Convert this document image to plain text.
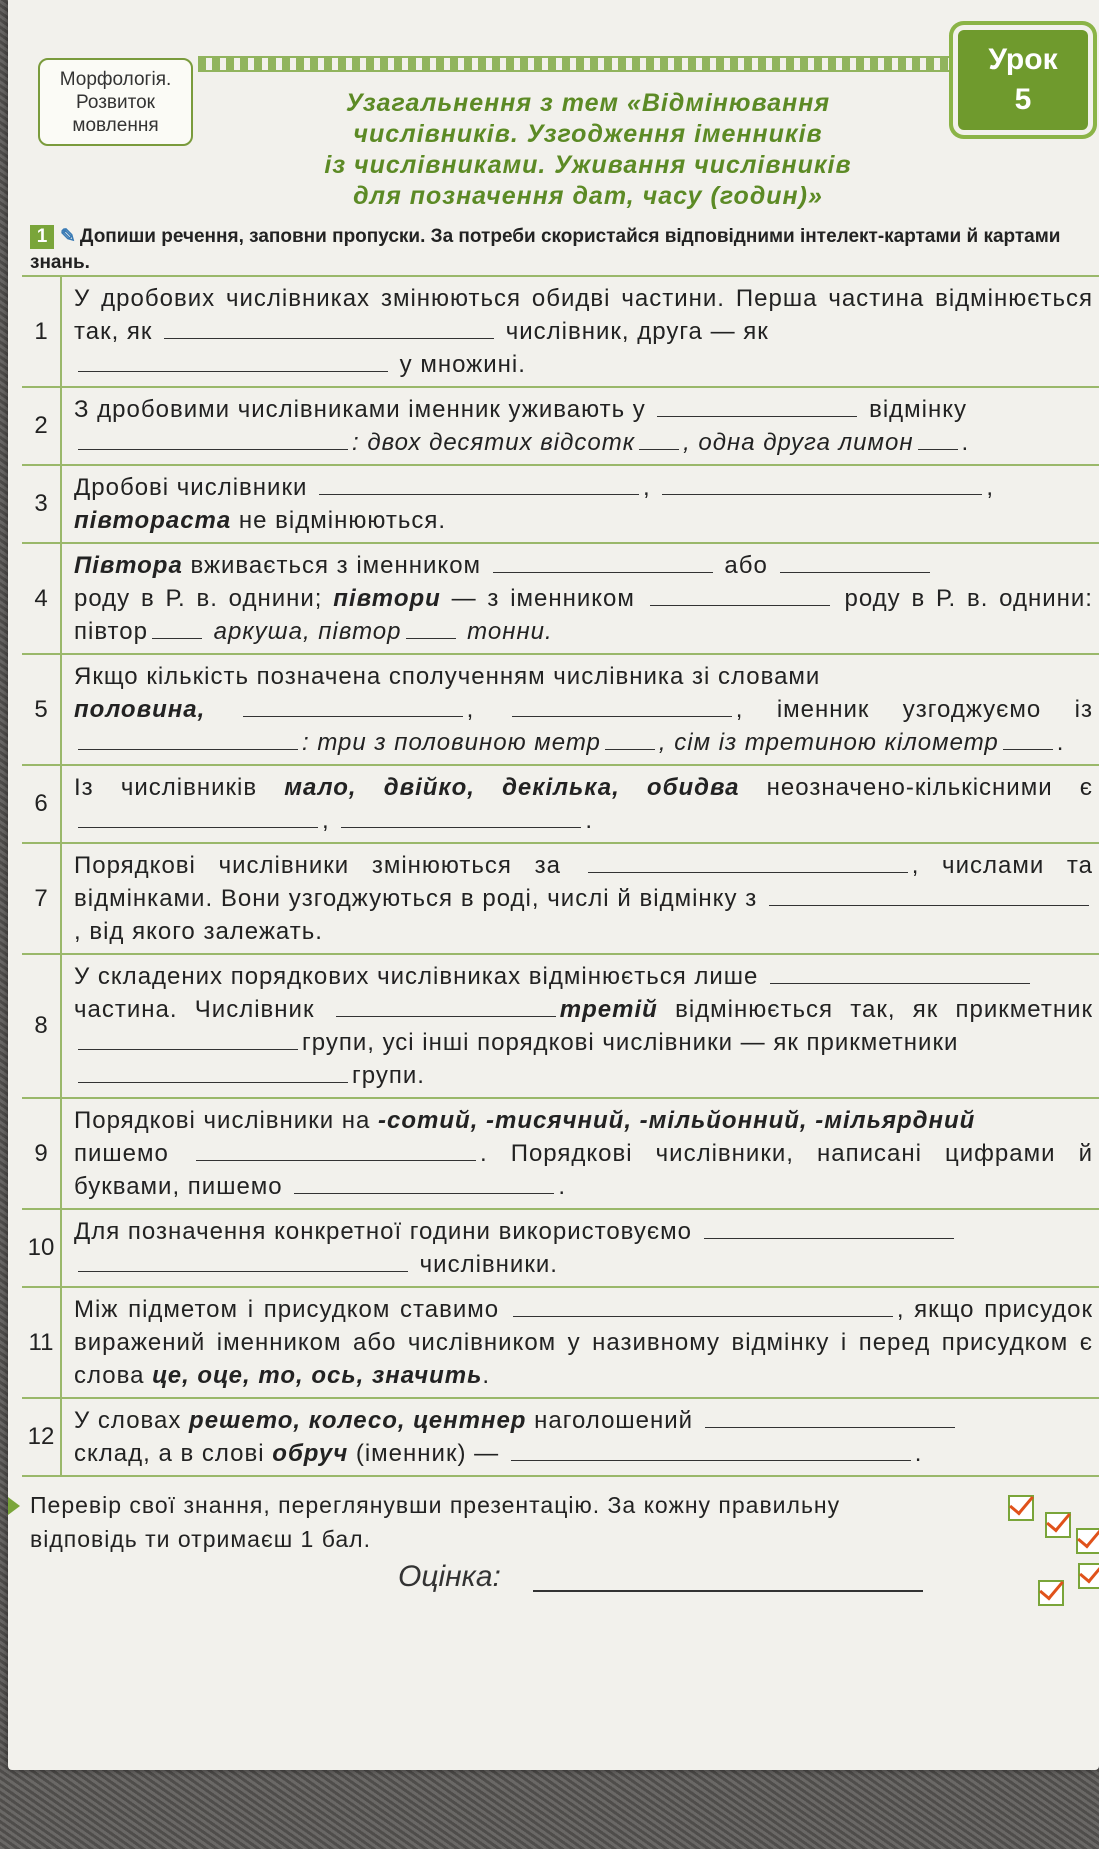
Морфологія.
Розвиток
мовлення
Урок
5
Узагальнення з тем «Відмінювання
числівників. Узгодження іменників
із числівниками. Уживання числівників
для позначення дат, часу (годин)»
1 ✎ Допиши речення, заповни пропуски. За потреби скористайся відповідними інтелект-картами й картами знань.
1
У дробових числівниках змінюються обидві частини. Перша частина відмінюється так, як	числівник, друга — як
у множині.
2
З дробовими числівниками іменник уживають у	відмінку
: двох десятих відсотк , одна друга лимон .
3
Дробові числівники	,	,
півтораста не відмінюються.
4
Півтора вживається з іменником	або
роду в Р. в. однини; півтори — з іменником	роду в Р. в. однини: півтор	аркуша, півтор	тонни.
5
Якщо кількість позначена сполученням числівника зі словами
половина,	,	, іменник узгоджуємо із : три з половиною метр , сім із третиною кілометр .
6
Із числівників мало, двійко, декілька, обидва неозначено-кількісними є ,	.
7
Порядкові числівники змінюються за	, числами та відмінками. Вони узгоджуються в роді, числі й відмінку з , від якого залежать.
8
У складених порядкових числівниках відмінюється лише
частина. Числівник	третій відмінюється так, як прикметник групи, усі інші порядкові числівники — як прикметники
групи.
9
Порядкові числівники на -сотий, -тисячний, -мільйонний, -мільярдний
пишемо	. Порядкові числівники, написані цифрами й буквами, пишемо	.
10
Для позначення конкретної години використовуємо
числівники.
11
Між підметом і присудком ставимо	, якщо присудок виражений іменником або числівником у називному відмінку і перед присудком є слова це, оце, то, ось, значить.
12
У словах решето, колесо, центнер наголошений
склад, а в слові обруч (іменник) —	.
Перевір свої знання, переглянувши презентацію. За кожну правильну відповідь ти отримаєш 1 бал.
Оцінка:
